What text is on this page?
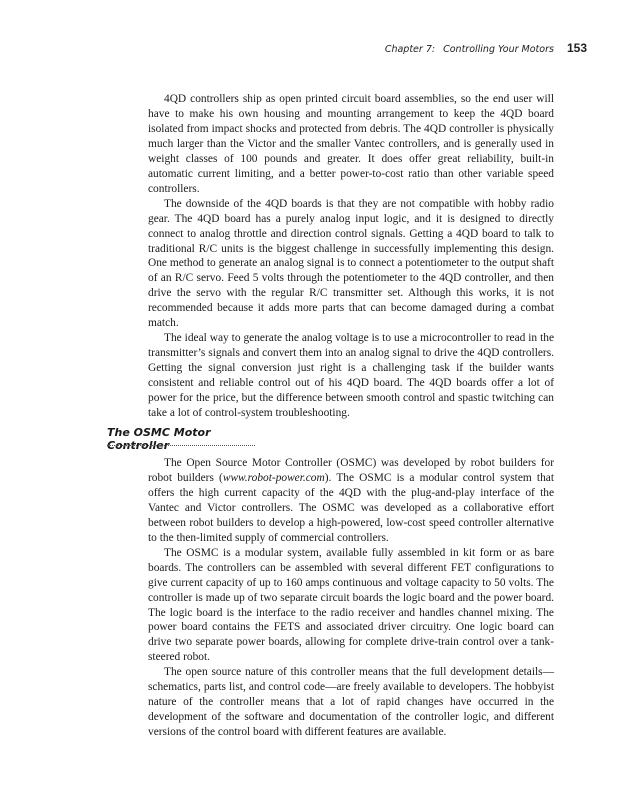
Chapter 7: Controlling Your Motors 153

4QD controllers ship as open printed circuit board assemblies, so the end user will have to make his own housing and mounting arrangement to keep the 4QD board isolated from impact shocks and protected from debris. The 4QD controller is physically much larger than the Victor and the smaller Vantec controllers, and is generally used in weight classes of 100 pounds and greater. It does offer great reliability, built-in automatic current limiting, and a better power-to-cost ratio than other variable speed controllers.

The downside of the 4QD boards is that they are not compatible with hobby radio gear. The 4QD board has a purely analog input logic, and it is designed to directly connect to analog throttle and direction control signals. Getting a 4QD board to talk to traditional R/C units is the biggest challenge in successfully implementing this design. One method to generate an analog signal is to connect a potentiometer to the output shaft of an R/C servo. Feed 5 volts through the potentiometer to the 4QD controller, and then drive the servo with the regular R/C transmitter set. Although this works, it is not recommended because it adds more parts that can become damaged during a combat match.

The ideal way to generate the analog voltage is to use a microcontroller to read in the transmitter’s signals and convert them into an analog signal to drive the 4QD controllers. Getting the signal conversion just right is a challenging task if the builder wants consistent and reliable control out of his 4QD board. The 4QD boards offer a lot of power for the price, but the difference between smooth control and spastic twitching can take a lot of control-system troubleshooting.

The OSMC Motor Controller

The Open Source Motor Controller (OSMC) was developed by robot builders for robot builders (www.robot-power.com). The OSMC is a modular control system that offers the high current capacity of the 4QD with the plug-and-play interface of the Vantec and Victor controllers. The OSMC was developed as a collaborative effort between robot builders to develop a high-powered, low-cost speed controller alternative to the then-limited supply of commercial controllers.

The OSMC is a modular system, available fully assembled in kit form or as bare boards. The controllers can be assembled with several different FET configurations to give current capacity of up to 160 amps continuous and voltage capacity to 50 volts. The controller is made up of two separate circuit boards the logic board and the power board. The logic board is the interface to the radio receiver and handles channel mixing. The power board contains the FETS and associated driver circuitry. One logic board can drive two separate power boards, allowing for complete drive-train control over a tank-steered robot.

The open source nature of this controller means that the full development details—schematics, parts list, and control code—are freely available to developers. The hobbyist nature of the controller means that a lot of rapid changes have occurred in the development of the software and documentation of the controller logic, and different versions of the control board with different features are available.
